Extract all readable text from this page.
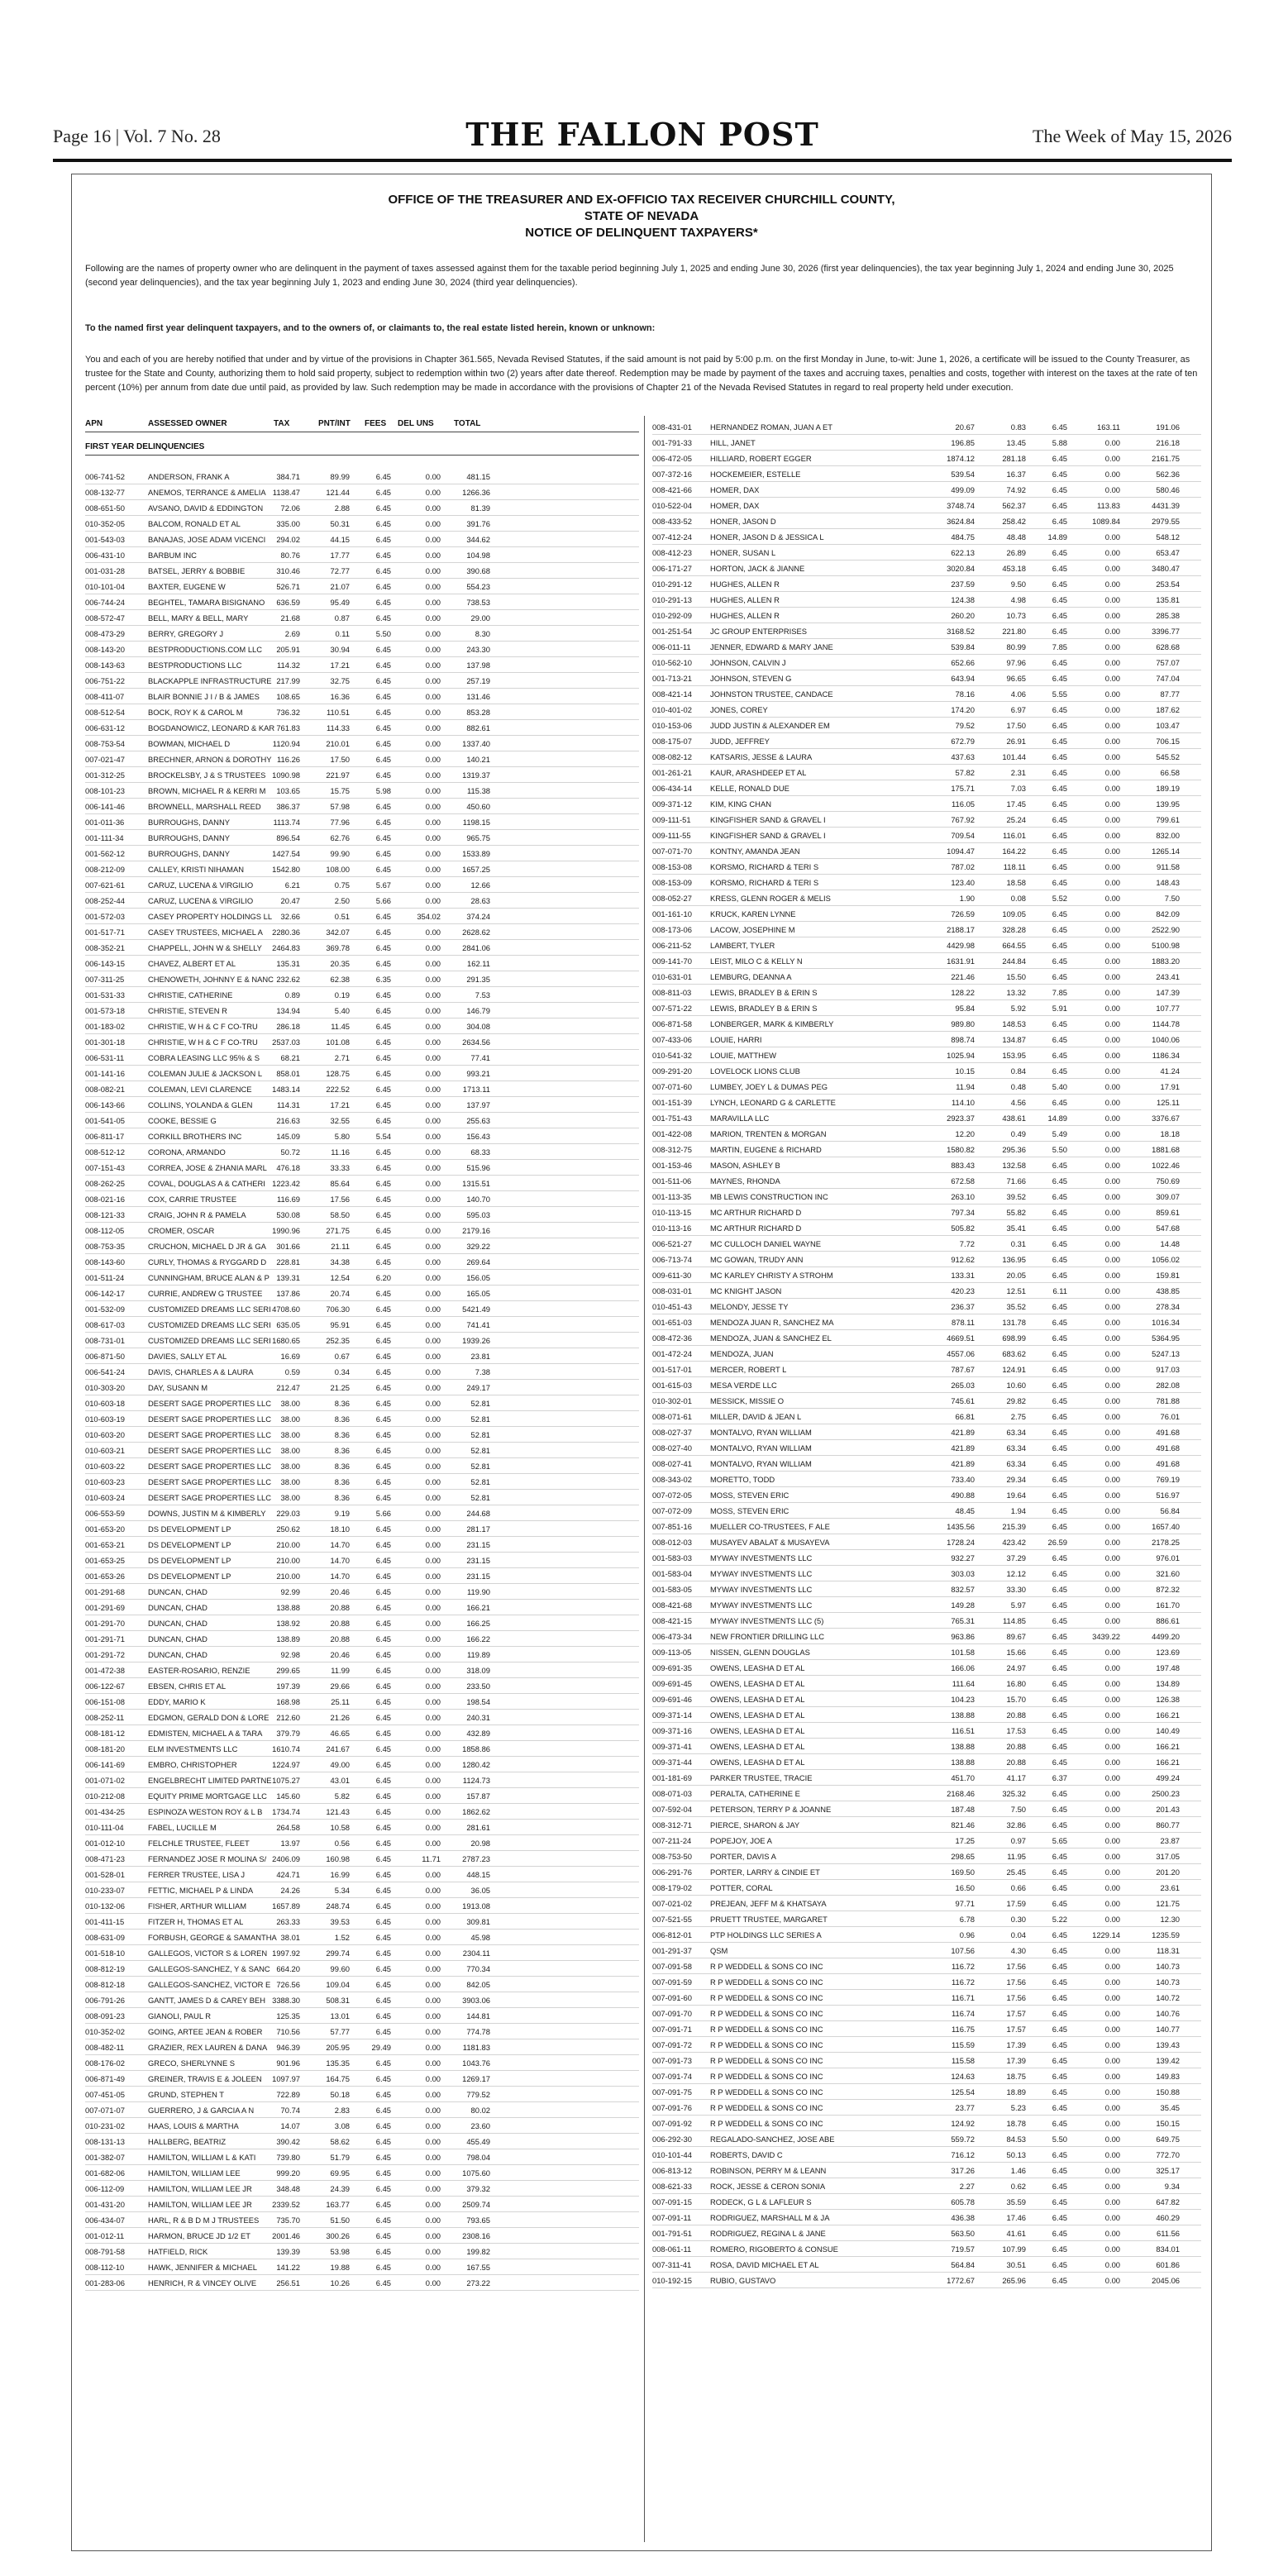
Page 16 | Vol. 7 No. 28	THE FALLON POST	The Week of May 15, 2026
OFFICE OF THE TREASURER AND EX-OFFICIO TAX RECEIVER CHURCHILL COUNTY,
STATE OF NEVADA
NOTICE OF DELINQUENT TAXPAYERS*
Following are the names of property owner who are delinquent in the payment of taxes assessed against them for the taxable period beginning July 1, 2025 and ending June 30, 2026 (first year delinquencies), the tax year beginning July 1, 2024 and ending June 30, 2025 (second year delinquencies), and the tax year beginning July 1, 2023 and ending June 30, 2024 (third year delinquencies).
To the named first year delinquent taxpayers, and to the owners of, or claimants to, the real estate listed herein, known or unknown:
You and each of you are hereby notified that under and by virtue of the provisions in Chapter 361.565, Nevada Revised Statutes, if the said amount is not paid by 5:00 p.m. on the first Monday in June, to-wit: June 1, 2026, a certificate will be issued to the County Treasurer, as trustee for the State and County, authorizing them to hold said property, subject to redemption within two (2) years after date thereof. Redemption may be made by payment of the taxes and accruing taxes, penalties and costs, together with interest on the taxes at the rate of ten percent (10%) per annum from date due until paid, as provided by law. Such redemption may be made in accordance with the provisions of Chapter 21 of the Nevada Revised Statutes in regard to real property held under execution.
APN	ASSESSED OWNER	TAX	PNT/INT FEES DEL UNS TOTAL
FIRST YEAR DELINQUENCIES
006-741-52	ANDERSON, FRANK A	384.71	89.99	6.45	0.00	481.15
008-132-77	ANEMOS, TERRANCE & AMELIA 1138.47	121.44	6.45	0.00	1266.36
008-651-50	AVSANO, DAVID & EDDINGTON	72.06	2.88	6.45	0.00	81.39
010-352-05	BALCOM, RONALD ET AL	335.00	50.31	6.45	0.00	391.76
001-543-03	BANAJAS, JOSE ADAM VICENCI	294.02	44.15	6.45	0.00	344.62
006-431-10	BARBUM INC	80.76	17.77	6.45	0.00	104.98
001-031-28	BATSEL, JERRY & BOBBIE	310.46	72.77	6.45	0.00	390.68
010-101-04	BAXTER, EUGENE W	526.71	21.07	6.45	0.00	554.23
006-744-24	BEGHTEL, TAMARA BISIGNANO	636.59	95.49	6.45	0.00	738.53
008-572-47	BELL, MARY & BELL, MARY	21.68	0.87	6.45	0.00	29.00
008-473-29	BERRY, GREGORY J	2.69	0.11	5.50	0.00	8.30
008-143-20	BESTPRODUCTIONS.COM LLC	205.91	30.94	6.45	0.00	243.30
008-143-63	BESTPRODUCTIONS LLC	114.32	17.21	6.45	0.00	137.98
006-751-22	BLACKAPPLE INFRASTRUCTURE 217.99	32.75	6.45	0.00	257.19
008-411-07	BLAIR BONNIE J I / B & JAMES	108.65	16.36	6.45	0.00	131.46
008-512-54	BOCK, ROY K & CAROL M	736.32	110.51	6.45	0.00	853.28
006-631-12	BOGDANOWICZ, LEONARD & KAR 761.83	114.33	6.45	0.00	882.61
008-753-54	BOWMAN, MICHAEL D	1120.94	210.01	6.45	0.00	1337.40
007-021-47	BRECHNER, ARNON & DOROTHY 116.26	17.50	6.45	0.00	140.21
001-312-25	BROCKELSBY, J & S TRUSTEES 1090.98	221.97	6.45	0.00	1319.37
008-101-23	BROWN, MICHAEL R & KERRI M	103.65	15.75	5.98	0.00	115.38
006-141-46	BROWNELL, MARSHALL REED	386.37	57.98	6.45	0.00	450.60
001-011-36	BURROUGHS, DANNY	1113.74	77.96	6.45	0.00	1198.15
001-111-34	BURROUGHS, DANNY	896.54	62.76	6.45	0.00	965.75
001-562-12	BURROUGHS, DANNY	1427.54	99.90	6.45	0.00	1533.89
008-212-09	CALLEY, KRISTI NIHAMAN	1542.80	108.00	6.45	0.00	1657.25
007-621-61	CARUZ, LUCENA & VIRGILIO	6.21	0.75	5.67	0.00	12.66
008-252-44	CARUZ, LUCENA & VIRGILIO	20.47	2.50	5.66	0.00	28.63
001-572-03	CASEY PROPERTY HOLDINGS LL	32.66	0.51	6.45	354.02	374.24
001-517-71	CASEY TRUSTEES, MICHAEL A	2280.36	342.07	6.45	0.00	2628.62
008-352-21	CHAPPELL, JOHN W & SHELLY	2464.83	369.78	6.45	0.00	2841.06
006-143-15	CHAVEZ, ALBERT ET AL	135.31	20.35	6.45	0.00	162.11
007-311-25	CHENOWETH, JOHNNY E & NANC 232.62	62.38	6.35	0.00	291.35
001-531-33	CHRISTIE, CATHERINE	0.89	0.19	6.45	0.00	7.53
001-573-18	CHRISTIE, STEVEN R	134.94	5.40	6.45	0.00	146.79
001-183-02	CHRISTIE, W H & C F CO-TRU	286.18	11.45	6.45	0.00	304.08
001-301-18	CHRISTIE, W H & C F CO-TRU	2537.03	101.08	6.45	0.00	2634.56
006-531-11	COBRA LEASING LLC 95% & S	68.21	2.71	6.45	0.00	77.41
001-141-16	COLEMAN JULIE & JACKSON L	858.01	128.75	6.45	0.00	993.21
008-082-21	COLEMAN, LEVI CLARENCE	1483.14	222.52	6.45	0.00	1713.11
006-143-66	COLLINS, YOLANDA & GLEN	114.31	17.21	6.45	0.00	137.97
001-541-05	COOKE, BESSIE G	216.63	32.55	6.45	0.00	255.63
006-811-17	CORKILL BROTHERS INC	145.09	5.80	5.54	0.00	156.43
008-512-12	CORONA, ARMANDO	50.72	11.16	6.45	0.00	68.33
007-151-43	CORREA, JOSE & ZHANIA MARL	476.18	33.33	6.45	0.00	515.96
008-262-25	COVAL, DOUGLAS A & CATHERI 1223.42	85.64	6.45	0.00	1315.51
008-021-16	COX, CARRIE TRUSTEE	116.69	17.56	6.45	0.00	140.70
008-121-33	CRAIG, JOHN R & PAMELA	530.08	58.50	6.45	0.00	595.03
008-112-05	CROMER, OSCAR	1990.96	271.75	6.45	0.00	2179.16
008-753-35	CRUCHON, MICHAEL D JR & GA	301.66	21.11	6.45	0.00	329.22
008-143-60	CURLY, THOMAS & RYGGARD D	228.81	34.38	6.45	0.00	269.64
001-511-24	CUNNINGHAM, BRUCE ALAN & P 139.31	12.54	6.20	0.00	156.05
006-142-17	CURRIE, ANDREW G TRUSTEE	137.86	20.74	6.45	0.00	165.05
001-532-09	CUSTOMIZED DREAMS LLC SERI 4708.60	706.30	6.45	0.00	5421.49
008-617-03	CUSTOMIZED DREAMS LLC SERI 635.05	95.91	6.45	0.00	741.41
008-731-01	CUSTOMIZED DREAMS LLC SERI 1680.65	252.35	6.45	0.00	1939.26
006-871-50	DAVIES, SALLY ET AL	16.69	0.67	6.45	0.00	23.81
006-541-24	DAVIS, CHARLES A & LAURA	0.59	0.34	6.45	0.00	7.38
010-303-20	DAY, SUSANN M	212.47	21.25	6.45	0.00	249.17
010-603-18	DESERT SAGE PROPERTIES LLC	38.00	8.36	6.45	0.00	52.81
010-603-19	DESERT SAGE PROPERTIES LLC	38.00	8.36	6.45	0.00	52.81
010-603-20	DESERT SAGE PROPERTIES LLC	38.00	8.36	6.45	0.00	52.81
010-603-21	DESERT SAGE PROPERTIES LLC	38.00	8.36	6.45	0.00	52.81
010-603-22	DESERT SAGE PROPERTIES LLC	38.00	8.36	6.45	0.00	52.81
010-603-23	DESERT SAGE PROPERTIES LLC	38.00	8.36	6.45	0.00	52.81
010-603-24	DESERT SAGE PROPERTIES LLC	38.00	8.36	6.45	0.00	52.81
006-553-59	DOWNS, JUSTIN M & KIMBERLY	229.03	9.19	5.66	0.00	244.68
001-653-20	DS DEVELOPMENT LP	250.62	18.10	6.45	0.00	281.17
001-653-21	DS DEVELOPMENT LP	210.00	14.70	6.45	0.00	231.15
001-653-25	DS DEVELOPMENT LP	210.00	14.70	6.45	0.00	231.15
001-653-26	DS DEVELOPMENT LP	210.00	14.70	6.45	0.00	231.15
001-291-68	DUNCAN, CHAD	92.99	20.46	6.45	0.00	119.90
001-291-69	DUNCAN, CHAD	138.88	20.88	6.45	0.00	166.21
001-291-70	DUNCAN, CHAD	138.92	20.88	6.45	0.00	166.25
001-291-71	DUNCAN, CHAD	138.89	20.88	6.45	0.00	166.22
001-291-72	DUNCAN, CHAD	92.98	20.46	6.45	0.00	119.89
001-472-38	EASTER-ROSARIO, RENZIE	299.65	11.99	6.45	0.00	318.09
006-122-67	EBSEN, CHRIS ET AL	197.39	29.66	6.45	0.00	233.50
006-151-08	EDDY, MARIO K	168.98	25.11	6.45	0.00	198.54
008-252-11	EDGMON, GERALD DON & LORE 212.60	21.26	6.45	0.00	240.31
008-181-12	EDMISTEN, MICHAEL A & TARA	379.79	46.65	6.45	0.00	432.89
008-181-20	ELM INVESTMENTS LLC	1610.74	241.67	6.45	0.00	1858.86
006-141-69	EMBRO, CHRISTOPHER	1224.97	49.00	6.45	0.00	1280.42
001-071-02	ENGELBRECHT LIMITED PARTNE 1075.27	43.01	6.45	0.00	1124.73
010-212-08	EQUITY PRIME MORTGAGE LLC	145.60	5.82	6.45	0.00	157.87
001-434-25	ESPINOZA WESTON ROY & L B	1734.74	121.43	6.45	0.00	1862.62
010-111-04	FABEL, LUCILLE M	264.58	10.58	6.45	0.00	281.61
001-012-10	FELCHLE TRUSTEE, FLEET	13.97	0.56	6.45	0.00	20.98
008-471-23	FERNANDEZ JOSE R MOLINA S/ 2406.09	160.98	6.45	11.71	2787.23
001-528-01	FERRER TRUSTEE, LISA J	424.71	16.99	6.45	0.00	448.15
010-233-07	FETTIC, MICHAEL P & LINDA	24.26	5.34	6.45	0.00	36.05
010-132-06	FISHER, ARTHUR WILLIAM	1657.89	248.74	6.45	0.00	1913.08
001-411-15	FITZER H, THOMAS ET AL	263.33	39.53	6.45	0.00	309.81
008-631-09	FORBUSH, GEORGE & SAMANTHA 38.01	1.52	6.45	0.00	45.98
001-518-10	GALLEGOS, VICTOR S & LOREN 1997.92	299.74	6.45	0.00	2304.11
008-812-19	GALLEGOS-SANCHEZ, Y & SANC 664.20	99.60	6.45	0.00	770.34
008-812-18	GALLEGOS-SANCHEZ, VICTOR E 726.56	109.04	6.45	0.00	842.05
006-791-26	GANTT, JAMES D & CAREY BEH 3388.30	508.31	6.45	0.00	3903.06
008-091-23	GIANOLI, PAUL R	125.35	13.01	6.45	0.00	144.81
010-352-02	GOING, ARTEE JEAN & ROBER	710.56	57.77	6.45	0.00	774.78
008-482-11	GRAZIER, REX LAUREN & DANA	946.39	205.95	29.49	0.00	1181.83
008-176-02	GRECO, SHERLYNNE S	901.96	135.35	6.45	0.00	1043.76
006-871-49	GREINER, TRAVIS E & JOLEEN	1097.97	164.75	6.45	0.00	1269.17
007-451-05	GRUND, STEPHEN T	722.89	50.18	6.45	0.00	779.52
007-071-07	GUERRERO, J & GARCIA A N	70.74	2.83	6.45	0.00	80.02
010-231-02	HAAS, LOUIS & MARTHA	14.07	3.08	6.45	0.00	23.60
008-131-13	HALLBERG, BEATRIZ	390.42	58.62	6.45	0.00	455.49
001-382-07	HAMILTON, WILLIAM L & KATI	739.80	51.79	6.45	0.00	798.04
001-682-06	HAMILTON, WILLIAM LEE	999.20	69.95	6.45	0.00	1075.60
006-112-09	HAMILTON, WILLIAM LEE JR	348.48	24.39	6.45	0.00	379.32
001-431-20	HAMILTON, WILLIAM LEE JR	2339.52	163.77	6.45	0.00	2509.74
006-434-07	HARL, R & B D M J TRUSTEES	735.70	51.50	6.45	0.00	793.65
001-012-11	HARMON, BRUCE JD 1/2 ET	2001.46	300.26	6.45	0.00	2308.16
008-791-58	HATFIELD, RICK	139.39	53.98	6.45	0.00	199.82
008-112-10	HAWK, JENNIFER & MICHAEL	141.22	19.88	6.45	0.00	167.55
001-283-06	HENRICH, R & VINCEY OLIVE	256.51	10.26	6.45	0.00	273.22
008-431-01 HERNANDEZ ROMAN, JUAN A ET	20.67	0.83	6.45	163.11	191.06
001-791-33 HILL, JANET	196.85	13.45	5.88	0.00	216.18
006-472-05 HILLIARD, ROBERT EGGER	1874.12	281.18	6.45	0.00	2161.75
007-372-16 HOCKEMEIER, ESTELLE	539.54	16.37	6.45	0.00	562.36
008-421-66 HOMER, DAX	499.09	74.92	6.45	0.00	580.46
010-522-04 HOMER, DAX	3748.74	562.37	6.45	113.83	4431.39
008-433-52 HONER, JASON D	3624.84	258.42	6.45	1089.84	2979.55
007-412-24 HONER, JASON D & JESSICA L	484.75	48.48	14.89	0.00	548.12
008-412-23 HONER, SUSAN L	622.13	26.89	6.45	0.00	653.47
006-171-27 HORTON, JACK & JIANNE	3020.84	453.18	6.45	0.00	3480.47
010-291-12 HUGHES, ALLEN R	237.59	9.50	6.45	0.00	253.54
010-291-13 HUGHES, ALLEN R	124.38	4.98	6.45	0.00	135.81
010-292-09 HUGHES, ALLEN R	260.20	10.73	6.45	0.00	285.38
001-251-54 JC GROUP ENTERPRISES	3168.52	221.80	6.45	0.00	3396.77
006-011-11 JENNER, EDWARD & MARY JANE	539.84	80.99	7.85	0.00	628.68
010-562-10 JOHNSON, CALVIN J	652.66	97.96	6.45	0.00	757.07
001-713-21 JOHNSON, STEVEN G	643.94	96.65	6.45	0.00	747.04
008-421-14 JOHNSTON TRUSTEE, CANDACE	78.16	4.06	5.55	0.00	87.77
010-401-02 JONES, COREY	174.20	6.97	6.45	0.00	187.62
010-153-06 JUDD JUSTIN & ALEXANDER EM	79.52	17.50	6.45	0.00	103.47
008-175-07 JUDD, JEFFREY	672.79	26.91	6.45	0.00	706.15
008-082-12 KATSARIS, JESSE & LAURA	437.63	101.44	6.45	0.00	545.52
001-261-21 KAUR, ARASHDEEP ET AL	57.82	2.31	6.45	0.00	66.58
006-434-14 KELLE, RONALD DUE	175.71	7.03	6.45	0.00	189.19
009-371-12 KIM, KING CHAN	116.05	17.45	6.45	0.00	139.95
009-111-51 KINGFISHER SAND & GRAVEL I	767.92	25.24	6.45	0.00	799.61
009-111-55 KINGFISHER SAND & GRAVEL I	709.54	116.01	6.45	0.00	832.00
007-071-70 KONTNY, AMANDA JEAN	1094.47	164.22	6.45	0.00	1265.14
008-153-08 KORSMO, RICHARD & TERI S	787.02	118.11	6.45	0.00	911.58
008-153-09 KORSMO, RICHARD & TERI S	123.40	18.58	6.45	0.00	148.43
008-052-27 KRESS, GLENN ROGER & MELIS	1.90	0.08	5.52	0.00	7.50
001-161-10 KRUCK, KAREN LYNNE	726.59	109.05	6.45	0.00	842.09
008-173-06 LACOW, JOSEPHINE M	2188.17	328.28	6.45	0.00	2522.90
006-211-52 LAMBERT, TYLER	4429.98	664.55	6.45	0.00	5100.98
009-141-70 LEIST, MILO C & KELLY N	1631.91	244.84	6.45	0.00	1883.20
010-631-01 LEMBURG, DEANNA A	221.46	15.50	6.45	0.00	243.41
008-811-03 LEWIS, BRADLEY B & ERIN S	128.22	13.32	7.85	0.00	147.39
007-571-22 LEWIS, BRADLEY B & ERIN S	95.84	5.92	5.91	0.00	107.77
006-871-58 LONBERGER, MARK & KIMBERLY	989.80	148.53	6.45	0.00	1144.78
007-433-06 LOUIE, HARRI	898.74	134.87	6.45	0.00	1040.06
010-541-32 LOUIE, MATTHEW	1025.94	153.95	6.45	0.00	1186.34
009-291-20 LOVELOCK LIONS CLUB	10.15	0.84	6.45	0.00	41.24
007-071-60 LUMBEY, JOEY L & DUMAS PEG	11.94	0.48	5.40	0.00	17.91
001-151-39 LYNCH, LEONARD G & CARLETTE	114.10	4.56	6.45	0.00	125.11
001-751-43 MARAVILLA LLC	2923.37	438.61	14.89	0.00	3376.67
001-422-08 MARION, TRENTEN & MORGAN	12.20	0.49	5.49	0.00	18.18
008-312-75 MARTIN, EUGENE & RICHARD	1580.82	295.36	5.50	0.00	1881.68
001-153-46 MASON, ASHLEY B	883.43	132.58	6.45	0.00	1022.46
001-511-06 MAYNES, RHONDA	672.58	71.66	6.45	0.00	750.69
001-113-35 MB LEWIS CONSTRUCTION INC	263.10	39.52	6.45	0.00	309.07
010-113-15 MC ARTHUR RICHARD D	797.34	55.82	6.45	0.00	859.61
010-113-16 MC ARTHUR RICHARD D	505.82	35.41	6.45	0.00	547.68
006-521-27 MC CULLOCH DANIEL WAYNE	7.72	0.31	6.45	0.00	14.48
006-713-74 MC GOWAN, TRUDY ANN	912.62	136.95	6.45	0.00	1056.02
009-611-30 MC KARLEY CHRISTY A STROHM	133.31	20.05	6.45	0.00	159.81
008-031-01 MC KNIGHT JASON	420.23	12.51	6.11	0.00	438.85
010-451-43 MELONDY, JESSE TY	236.37	35.52	6.45	0.00	278.34
001-651-03 MENDOZA JUAN R, SANCHEZ MA	878.11	131.78	6.45	0.00	1016.34
008-472-36 MENDOZA, JUAN & SANCHEZ EL	4669.51	698.99	6.45	0.00	5364.95
001-472-24 MENDOZA, JUAN	4557.06	683.62	6.45	0.00	5247.13
001-517-01 MERCER, ROBERT L	787.67	124.91	6.45	0.00	917.03
001-615-03 MESA VERDE LLC	265.03	10.60	6.45	0.00	282.08
010-302-01 MESSICK, MISSIE O	745.61	29.82	6.45	0.00	781.88
008-071-61 MILLER, DAVID & JEAN L	66.81	2.75	6.45	0.00	76.01
008-027-37 MONTALVO, RYAN WILLIAM	421.89	63.34	6.45	0.00	491.68
008-027-40 MONTALVO, RYAN WILLIAM	421.89	63.34	6.45	0.00	491.68
008-027-41 MONTALVO, RYAN WILLIAM	421.89	63.34	6.45	0.00	491.68
008-343-02 MORETTO, TODD	733.40	29.34	6.45	0.00	769.19
007-072-05 MOSS, STEVEN ERIC	490.88	19.64	6.45	0.00	516.97
007-072-09 MOSS, STEVEN ERIC	48.45	1.94	6.45	0.00	56.84
007-851-16 MUELLER CO-TRUSTEES, F ALE	1435.56	215.39	6.45	0.00	1657.40
008-012-03 MUSAYEV ABALAT & MUSAYEVA	1728.24	423.42	26.59	0.00	2178.25
001-583-03 MYWAY INVESTMENTS LLC	932.27	37.29	6.45	0.00	976.01
001-583-04 MYWAY INVESTMENTS LLC	303.03	12.12	6.45	0.00	321.60
001-583-05 MYWAY INVESTMENTS LLC	832.57	33.30	6.45	0.00	872.32
008-421-68 MYWAY INVESTMENTS LLC	149.28	5.97	6.45	0.00	161.70
008-421-15 MYWAY INVESTMENTS LLC (5)	765.31	114.85	6.45	0.00	886.61
006-473-34 NEW FRONTIER DRILLING LLC	963.86	89.67	6.45	3439.22	4499.20
009-113-05 NISSEN, GLENN DOUGLAS	101.58	15.66	6.45	0.00	123.69
009-691-35 OWENS, LEASHA D ET AL	166.06	24.97	6.45	0.00	197.48
009-691-45 OWENS, LEASHA D ET AL	111.64	16.80	6.45	0.00	134.89
009-691-46 OWENS, LEASHA D ET AL	104.23	15.70	6.45	0.00	126.38
009-371-14 OWENS, LEASHA D ET AL	138.88	20.88	6.45	0.00	166.21
009-371-16 OWENS, LEASHA D ET AL	116.51	17.53	6.45	0.00	140.49
009-371-41 OWENS, LEASHA D ET AL	138.88	20.88	6.45	0.00	166.21
009-371-44 OWENS, LEASHA D ET AL	138.88	20.88	6.45	0.00	166.21
001-181-69 PARKER TRUSTEE, TRACIE	451.70	41.17	6.37	0.00	499.24
008-071-03 PERALTA, CATHERINE E	2168.46	325.32	6.45	0.00	2500.23
007-592-04 PETERSON, TERRY P & JOANNE	187.48	7.50	6.45	0.00	201.43
008-312-71 PIERCE, SHARON & JAY	821.46	32.86	6.45	0.00	860.77
007-211-24 POPEJOY, JOE A	17.25	0.97	5.65	0.00	23.87
008-753-50 PORTER, DAVIS A	298.65	11.95	6.45	0.00	317.05
006-291-76 PORTER, LARRY & CINDIE ET	169.50	25.45	6.45	0.00	201.20
008-179-02 POTTER, CORAL	16.50	0.66	6.45	0.00	23.61
007-021-02 PREJEAN, JEFF M & KHATSAYA	97.71	17.59	6.45	0.00	121.75
007-521-55 PRUETT TRUSTEE, MARGARET	6.78	0.30	5.22	0.00	12.30
006-812-01 PTP HOLDINGS LLC SERIES A	0.96	0.04	6.45	1229.14	1235.59
001-291-37 QSM	107.56	4.30	6.45	0.00	118.31
007-091-58 R P WEDDELL & SONS CO INC	116.72	17.56	6.45	0.00	140.73
007-091-59 R P WEDDELL & SONS CO INC	116.72	17.56	6.45	0.00	140.73
007-091-60 R P WEDDELL & SONS CO INC	116.71	17.56	6.45	0.00	140.72
007-091-70 R P WEDDELL & SONS CO INC	116.74	17.57	6.45	0.00	140.76
007-091-71 R P WEDDELL & SONS CO INC	116.75	17.57	6.45	0.00	140.77
007-091-72 R P WEDDELL & SONS CO INC	115.59	17.39	6.45	0.00	139.43
007-091-73 R P WEDDELL & SONS CO INC	115.58	17.39	6.45	0.00	139.42
007-091-74 R P WEDDELL & SONS CO INC	124.63	18.75	6.45	0.00	149.83
007-091-75 R P WEDDELL & SONS CO INC	125.54	18.89	6.45	0.00	150.88
007-091-76 R P WEDDELL & SONS CO INC	23.77	5.23	6.45	0.00	35.45
007-091-92 R P WEDDELL & SONS CO INC	124.92	18.78	6.45	0.00	150.15
006-292-30 REGALADO-SANCHEZ, JOSE ABE	559.72	84.53	5.50	0.00	649.75
010-101-44 ROBERTS, DAVID C	716.12	50.13	6.45	0.00	772.70
006-813-12 ROBINSON, PERRY M & LEANN	317.26	1.46	6.45	0.00	325.17
008-621-33 ROCK, JESSE & CERON SONIA	2.27	0.62	6.45	0.00	9.34
007-091-15 RODECK, G L & LAFLEUR S	605.78	35.59	6.45	0.00	647.82
007-091-11 RODRIGUEZ, MARSHALL M & JA	436.38	17.46	6.45	0.00	460.29
001-791-51 RODRIGUEZ, REGINA L & JANE	563.50	41.61	6.45	0.00	611.56
008-061-11 ROMERO, RIGOBERTO & CONSUE	719.57	107.99	6.45	0.00	834.01
007-311-41 ROSA, DAVID MICHAEL ET AL	564.84	30.51	6.45	0.00	601.86
010-192-15 RUBIO, GUSTAVO	1772.67	265.96	6.45	0.00	2045.06
